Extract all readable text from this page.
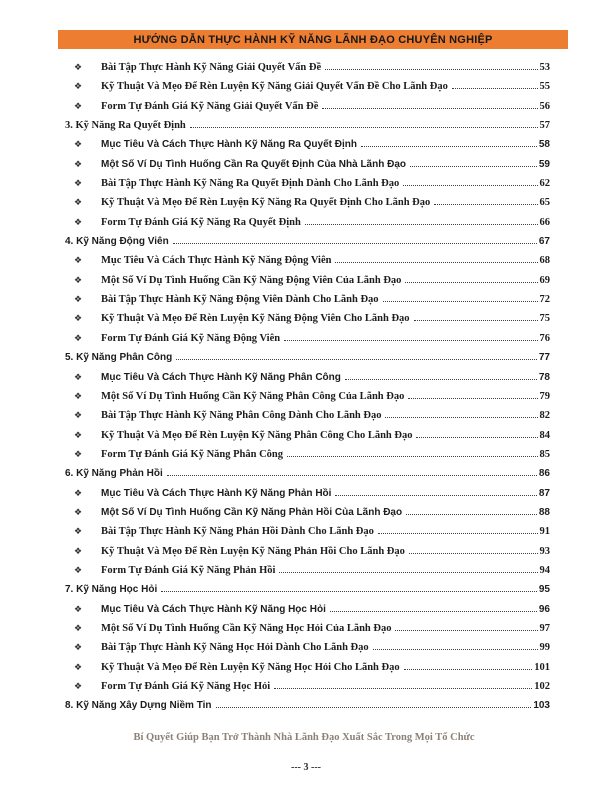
HƯỚNG DẪN THỰC HÀNH KỸ NĂNG LÃNH ĐẠO CHUYÊN NGHIỆP
❖	Bài Tập Thực Hành Kỹ Năng Giải Quyết Vấn Đề	53
❖	Kỹ Thuật Và Mẹo Để Rèn Luyện Kỹ Năng Giải Quyết Vấn Đề Cho Lãnh Đạo	55
❖	Form Tự Đánh Giá Kỹ Năng Giải Quyết Vấn Đề	56
3. Kỹ Năng Ra Quyết Định	57
❖	Mục Tiêu Và Cách Thực Hành Kỹ Năng Ra Quyết Định	58
❖	Một Số Ví Dụ Tình Huống Cần Ra Quyết Định Của Nhà Lãnh Đạo	59
❖	Bài Tập Thực Hành Kỹ Năng Ra Quyết Định Dành Cho Lãnh Đạo	62
❖	Kỹ Thuật Và Mẹo Để Rèn Luyện Kỹ Năng Ra Quyết Định Cho Lãnh Đạo	65
❖	Form Tự Đánh Giá Kỹ Năng Ra Quyết Định	66
4. Kỹ Năng Động Viên	67
❖	Mục Tiêu Và Cách Thực Hành Kỹ Năng Động Viên	68
❖	Một Số Ví Dụ Tình Huống Cần Kỹ Năng Động Viên Của Lãnh Đạo	69
❖	Bài Tập Thực Hành Kỹ Năng Động Viên Dành Cho Lãnh Đạo	72
❖	Kỹ Thuật Và Mẹo Để Rèn Luyện Kỹ Năng Động Viên Cho Lãnh Đạo	75
❖	Form Tự Đánh Giá Kỹ Năng Động Viên	76
5. Kỹ Năng Phân Công	77
❖	Mục Tiêu Và Cách Thực Hành Kỹ Năng Phân Công	78
❖	Một Số Ví Dụ Tình Huống Cần Kỹ Năng Phân Công Của Lãnh Đạo	79
❖	Bài Tập Thực Hành Kỹ Năng Phân Công Dành Cho Lãnh Đạo	82
❖	Kỹ Thuật Và Mẹo Để Rèn Luyện Kỹ Năng Phân Công Cho Lãnh Đạo	84
❖	Form Tự Đánh Giá Kỹ Năng Phân Công	85
6. Kỹ Năng Phản Hồi	86
❖	Mục Tiêu Và Cách Thực Hành Kỹ Năng Phản Hồi	87
❖	Một Số Ví Dụ Tình Huống Cần Kỹ Năng Phản Hồi Của Lãnh Đạo	88
❖	Bài Tập Thực Hành Kỹ Năng Phản Hồi Dành Cho Lãnh Đạo	91
❖	Kỹ Thuật Và Mẹo Để Rèn Luyện Kỹ Năng Phản Hồi Cho Lãnh Đạo	93
❖	Form Tự Đánh Giá Kỹ Năng Phản Hồi	94
7. Kỹ Năng Học Hỏi	95
❖	Mục Tiêu Và Cách Thực Hành Kỹ Năng Học Hỏi	96
❖	Một Số Ví Dụ Tình Huống Cần Kỹ Năng Học Hỏi Của Lãnh Đạo	97
❖	Bài Tập Thực Hành Kỹ Năng Học Hỏi Dành Cho Lãnh Đạo	99
❖	Kỹ Thuật Và Mẹo Để Rèn Luyện Kỹ Năng Học Hỏi Cho Lãnh Đạo	101
❖	Form Tự Đánh Giá Kỹ Năng Học Hỏi	102
8. Kỹ Năng Xây Dựng Niềm Tin	103
Bí Quyết Giúp Bạn Trở Thành Nhà Lãnh Đạo Xuất Sắc Trong Mọi Tổ Chức
--- 3 ---
